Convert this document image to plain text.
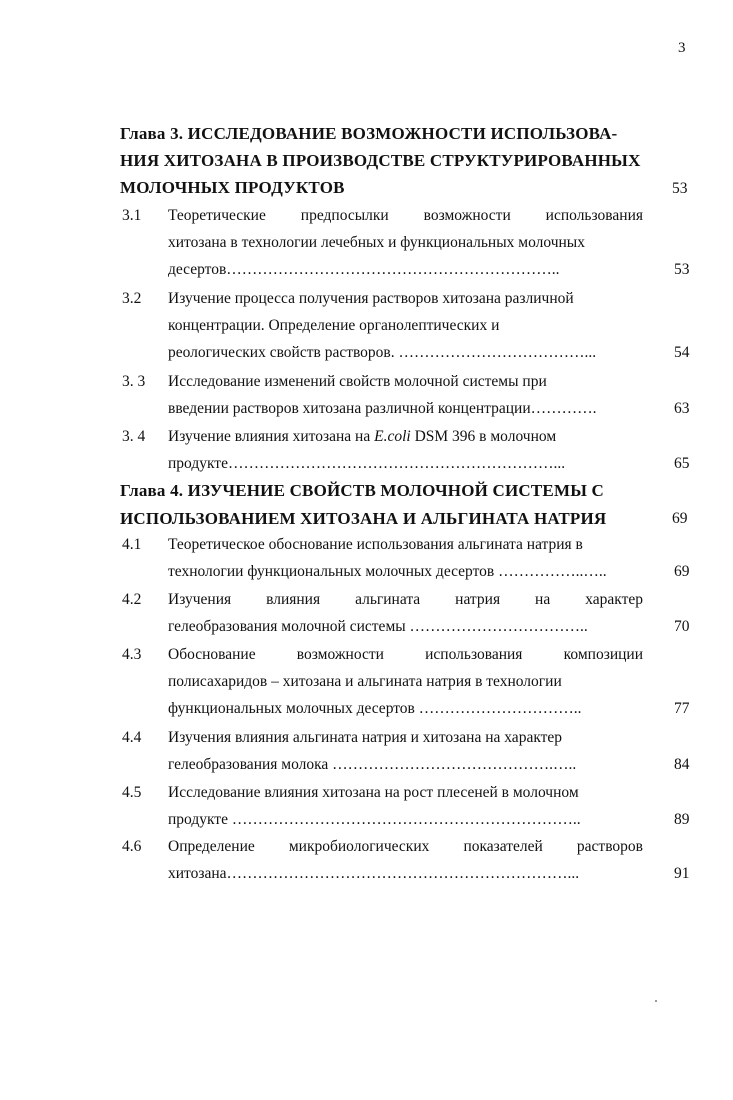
3
Глава 3. ИССЛЕДОВАНИЕ ВОЗМОЖНОСТИ ИСПОЛЬЗОВА-
НИЯ ХИТОЗАНА В ПРОИЗВОДСТВЕ СТРУКТУРИРОВАННЫХ
МОЛОЧНЫХ ПРОДУКТОВ	53
3.1 Теоретические предпосылки возможности использования
хитозана в технологии лечебных и функциональных молочных
десертов………………………………………………………..	53
3.2 Изучение процесса получения растворов хитозана различной
концентрации. Определение органолептических и
реологических свойств растворов. ………………………………...	54
3. 3 Исследование изменений свойств молочной системы при
введении растворов хитозана различной концентрации………….	63
3. 4 Изучение влияния хитозана на E.coli DSM 396 в молочном
продукте………………………………………………………...	65
Глава 4. ИЗУЧЕНИЕ СВОЙСТВ МОЛОЧНОЙ СИСТЕМЫ С
ИСПОЛЬЗОВАНИЕМ ХИТОЗАНА И АЛЬГИНАТА НАТРИЯ	69
4.1 Теоретическое обоснование использования альгината натрия в
технологии функциональных молочных десертов ……………..…..	69
4.2 Изучения влияния альгината натрия на характер
гелеобразования молочной системы ……………………………..	70
4.3 Обоснование возможности использования композиции
полисахаридов – хитозана и альгината натрия в технологии
функциональных молочных десертов …………………………..	77
4.4 Изучения влияния альгината натрия и хитозана на характер
гелеобразования молока …………………………………….…..	84
4.5 Исследование влияния хитозана на рост плесеней в молочном
продукте …………………………………………………………..	89
4.6 Определение микробиологических показателей растворов
хитозана…………………………………………………………...	91
